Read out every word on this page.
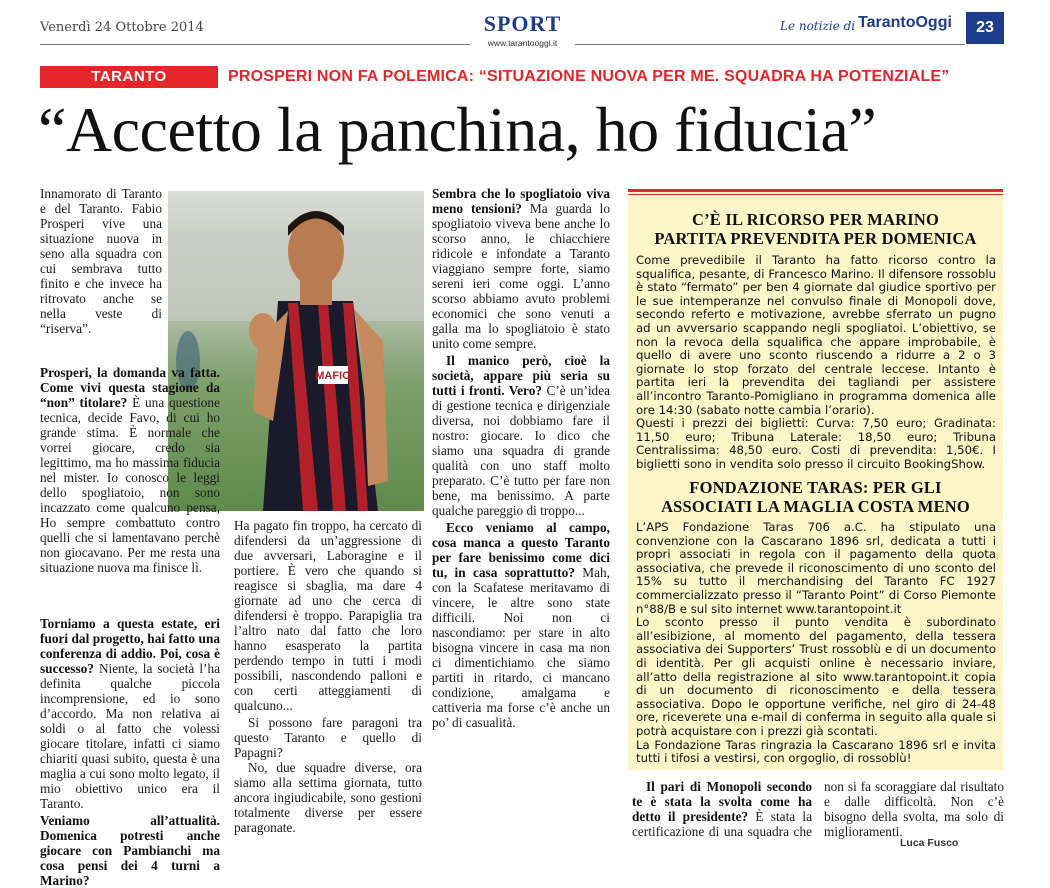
Venerdì 24 Ottobre 2014	SPORT
www.tarantooggi.it
Le notizie di TarantoOggi	23
TARANTO	PROSPERI NON FA POLEMICA: “SITUAZIONE NUOVA PER ME. SQUADRA HA POTENZIALE”
“Accetto la panchina, ho fiducia”
MAFIO

Innamorato di Taranto e del Taranto. Fabio Prosperi vive una situazione nuova in seno alla squadra con cui sembrava tutto finito e che invece ha ritrovato anche se nella veste di “riserva”.

Prosperi, la domanda va fatta. Come vivi questa stagione da “non” titolare? È una questione tecnica, decide Favo, di cui ho grande stima. È normale che vorrei giocare, credo sia legittimo, ma ho massima fiducia nel mister. Io conosco le leggi dello spogliatoio, non sono incazzato come qualcuno pensa, Ho sempre combattuto contro quelli che si lamentavano perchè non giocavano. Per me resta una situazione nuova ma finisce lì.

Torniamo a questa estate, eri fuori dal progetto, hai fatto una conferenza di addio. Poi, cosa è successo? Niente, la società l’ha definita qualche piccola incomprensione, ed io sono d’accordo. Ma non relativa ai soldi o al fatto che volessi giocare titolare, infatti ci siamo chiariti quasi subito, questa è una maglia a cui sono molto legato, il mio obiettivo unico era il Taranto.

Veniamo all’attualità. Domenica potresti anche giocare con Pambianchi ma cosa pensi dei 4 turni a Marino?

Ha pagato fin troppo, ha cercato di difendersi da un’aggressione di due avversari, Laboragine e il portiere. È vero che quando si reagisce si sbaglia, ma dare 4 giornate ad uno che cerca di difendersi è troppo. Parapiglia tra l’altro nato dal fatto che loro hanno esasperato la partita perdendo tempo in tutti i modi possibili, nascondendo palloni e con certi atteggiamenti di qualcuno...

Si possono fare paragoni tra questo Taranto e quello di Papagni?

No, due squadre diverse, ora siamo alla settima giornata, tutto ancora ingiudicabile, sono gestioni totalmente diverse per essere paragonate.

Sembra che lo spogliatoio viva meno tensioni? Ma guarda lo spogliatoio viveva bene anche lo scorso anno, le chiacchiere ridicole e infondate a Taranto viaggiano sempre forte, siamo sereni ieri come oggi. L’anno scorso abbiamo avuto problemi economici che sono venuti a galla ma lo spogliatoio è stato unito come sempre.

Il manico però, cioè la società, appare più seria su tutti i fronti. Vero? C’è un’idea di gestione tecnica e dirigenziale diversa, noi dobbiamo fare il nostro: giocare. Io dico che siamo una squadra di grande qualità con uno staff molto preparato. C’è tutto per fare non bene, ma benissimo. A parte qualche pareggio di troppo...

Ecco veniamo al campo, cosa manca a questo Taranto per fare benissimo come dici tu, in casa soprattutto? Mah, con la Scafatese meritavamo di vincere, le altre sono state difficili. Noi non ci nascondiamo: per stare in alto bisogna vincere in casa ma non ci dimentichiamo che siamo partiti in ritardo, ci mancano condizione, amalgama e cattiveria ma forse c’è anche un po’ di casualità.

C’È IL RICORSO PER MARINO
PARTITA PREVENDITA PER DOMENICA

Come prevedibile il Taranto ha fatto ricorso contro la squalifica, pesante, di Francesco Marino. Il difensore rossoblu è stato “fermato” per ben 4 giornate dal giudice sportivo per le sue intemperanze nel convulso finale di Monopoli dove, secondo referto e motivazione, avrebbe sferrato un pugno ad un avversario scappando negli spogliatoi. L’obiettivo, se non la revoca della squalifica che appare improbabile, è quello di avere uno sconto riuscendo a ridurre a 2 o 3 giornate lo stop forzato del centrale leccese. Intanto è partita ieri la prevendita dei tagliandi per assistere all’incontro Taranto-Pomigliano in programma domenica alle ore 14:30 (sabato notte cambia l’orario).

Questi i prezzi dei biglietti: Curva: 7,50 euro; Gradinata: 11,50 euro; Tribuna Laterale: 18,50 euro; Tribuna Centralissima: 48,50 euro. Costi di prevendita: 1,50€. I biglietti sono in vendita solo presso il circuito BookingShow.

FONDAZIONE TARAS: PER GLI
ASSOCIATI LA MAGLIA COSTA MENO

L’APS Fondazione Taras 706 a.C. ha stipulato una convenzione con la Cascarano 1896 srl, dedicata a tutti i propri associati in regola con il pagamento della quota associativa, che prevede il riconoscimento di uno sconto del 15% su tutto il merchandising del Taranto FC 1927 commercializzato presso il “Taranto Point” di Corso Piemonte n°88/B e sul sito internet www.tarantopoint.it

Lo sconto presso il punto vendita è subordinato all’esibizione, al momento del pagamento, della tessera associativa dei Supporters’ Trust rossoblù e di un documento di identità. Per gli acquisti online è necessario inviare, all’atto della registrazione al sito www.tarantopoint.it copia di un documento di riconoscimento e della tessera associativa. Dopo le opportune verifiche, nel giro di 24-48 ore, riceverete una e-mail di conferma in seguito alla quale si potrà acquistare con i prezzi già scontati.

La Fondazione Taras ringrazia la Cascarano 1896 srl e invita tutti i tifosi a vestirsi, con orgoglio, di rossoblù!

Il pari di Monopoli secondo te è stata la svolta come ha detto il presidente? È stata la certificazione di una squadra che non si fa scoraggiare dal risultato e dalle difficoltà. Non c’è bisogno della svolta, ma solo di miglioramenti.

Luca Fusco
